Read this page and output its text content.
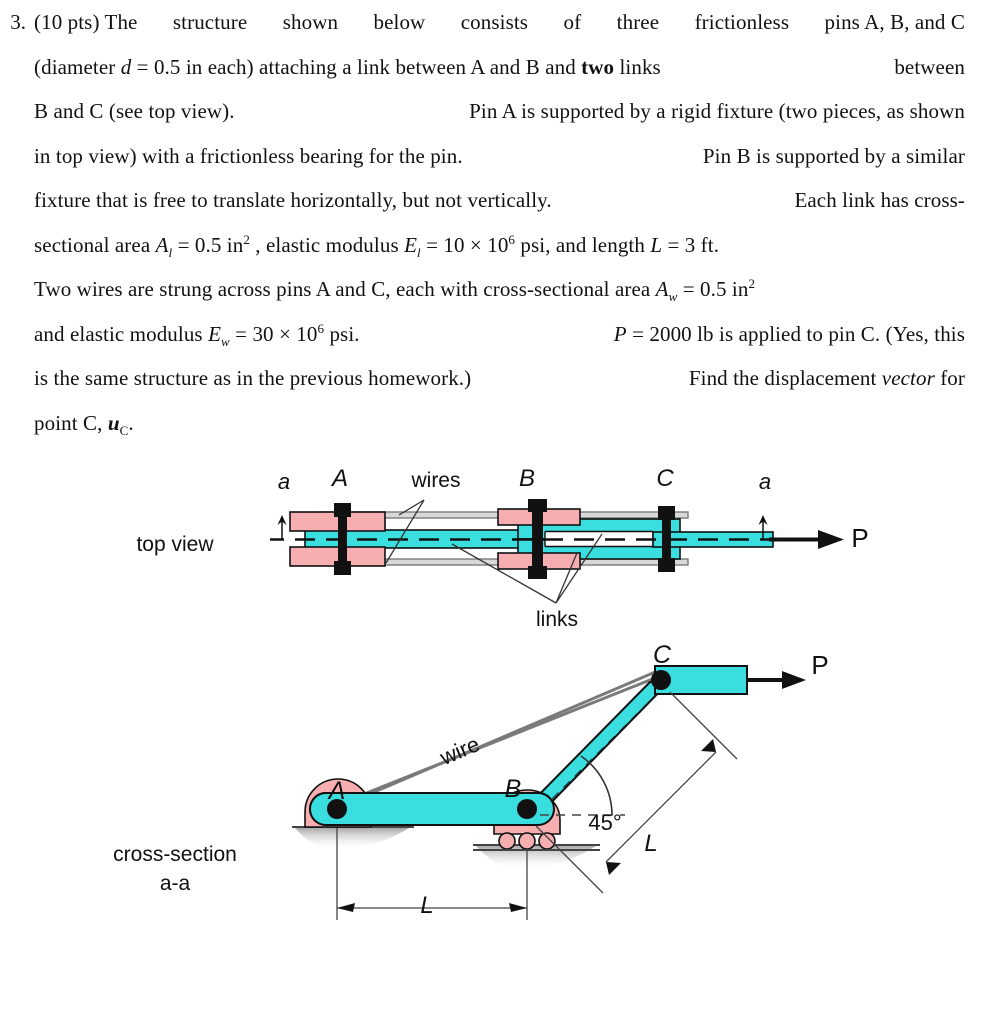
3. (10 pts) The structure shown below consists of three frictionless pins A, B, and C
(diameter d = 0.5 in each) attaching a link between A and B and two links	between
B and C (see top view).	Pin A is supported by a rigid fixture (two pieces, as shown
in top view) with a frictionless bearing for the pin.	Pin B is supported by a similar
fixture that is free to translate horizontally, but not vertically.	Each link has cross-
sectional area $A_l = 0.5$ $in^2$ , elastic modulus $E_l = 10 \times 10^6$ psi, and length L = 3 ft.
Two wires are strung across pins A and C, each with cross-sectional area $A_w = 0.5$ $in^2$
and elastic modulus $E_w = 30 \times 10^6$ psi.	P = 2000 lb is applied to pin C. (Yes, this
is the same structure as in the previous homework.)	Find the displacement vector for
point C, $u_C$.
top view
cross-section
a-a
a	a
A	B	C
wires
links
P
A	B
C
wire
45°
L
L
P
